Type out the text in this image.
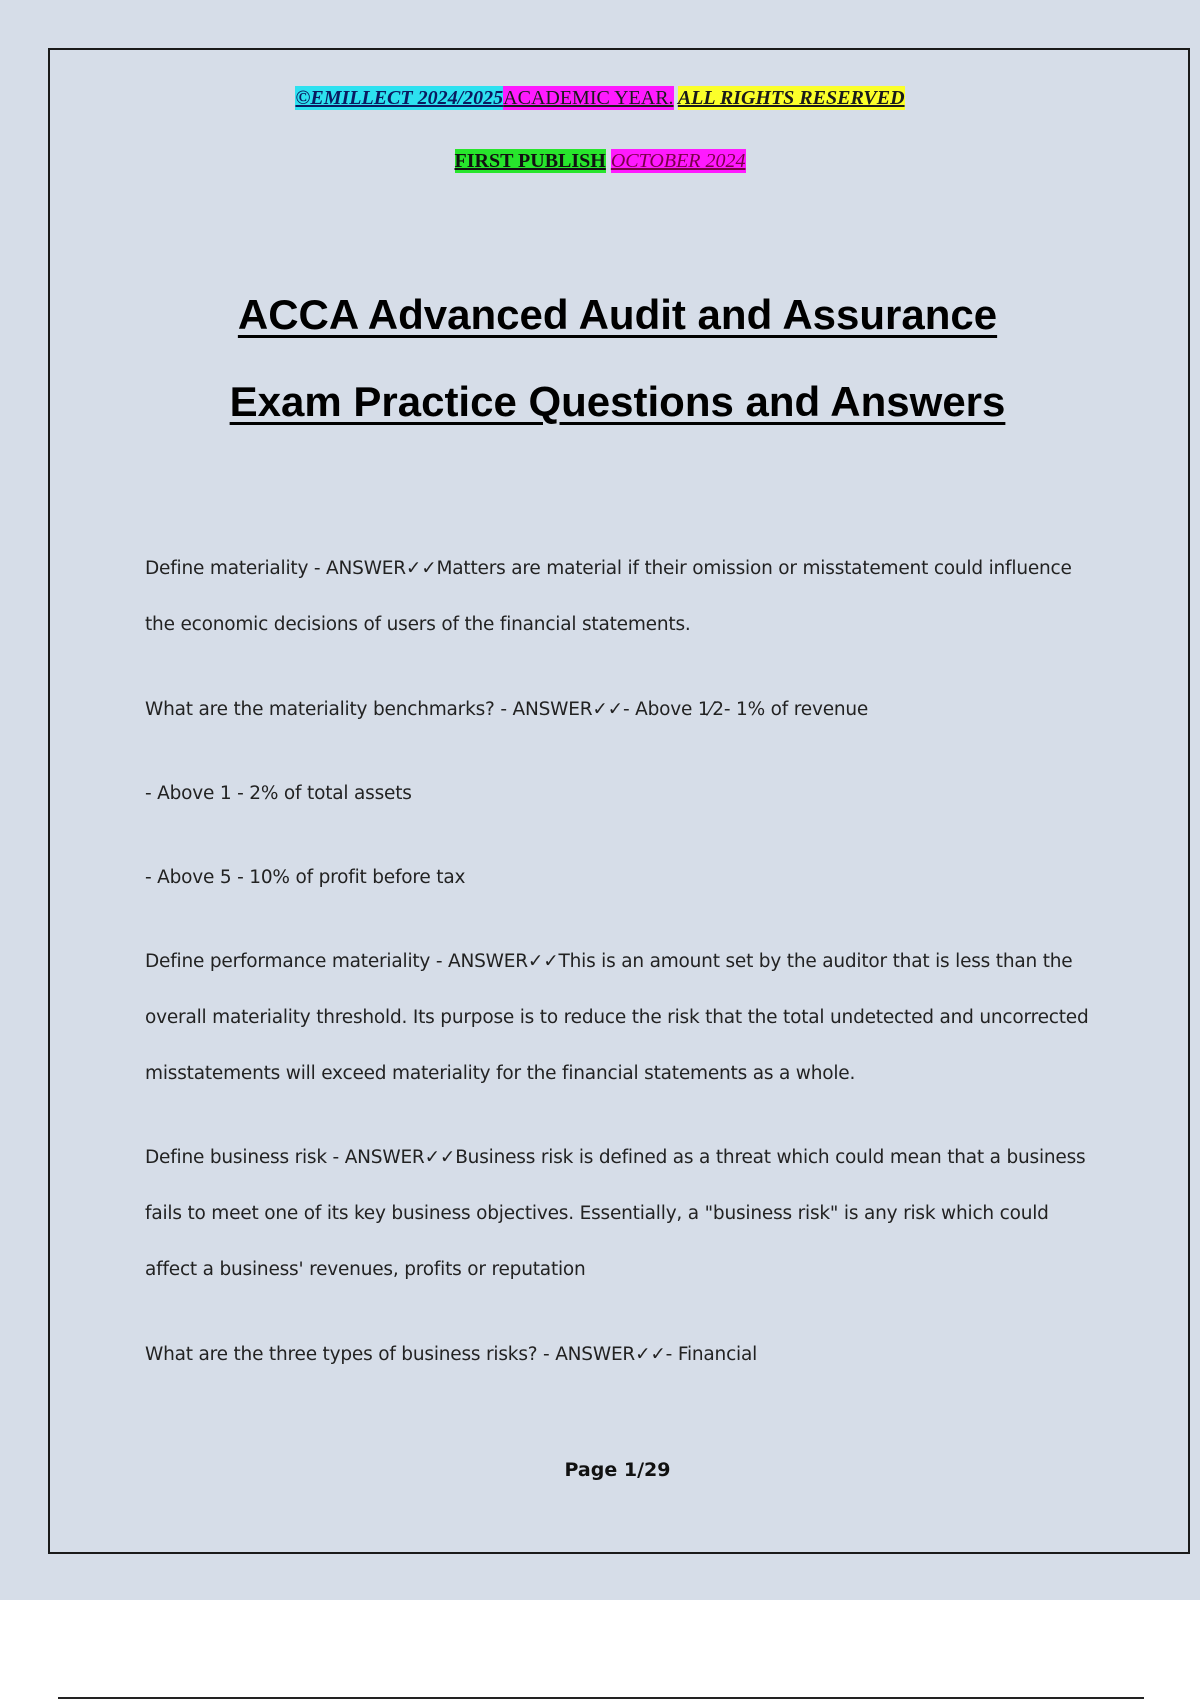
©EMILLECT 2024/2025ACADEMIC YEAR. ALL RIGHTS RESERVED
FIRST PUBLISH OCTOBER 2024
ACCA Advanced Audit and Assurance
Exam Practice Questions and Answers
Define materiality - ANSWER✓✓Matters are material if their omission or misstatement could influence the economic decisions of users of the financial statements.
What are the materiality benchmarks? - ANSWER✓✓- Above 1⁄2- 1% of revenue
- Above 1 - 2% of total assets
- Above 5 - 10% of profit before tax
Define performance materiality - ANSWER✓✓This is an amount set by the auditor that is less than the overall materiality threshold. Its purpose is to reduce the risk that the total undetected and uncorrected misstatements will exceed materiality for the financial statements as a whole.
Define business risk - ANSWER✓✓Business risk is defined as a threat which could mean that a business fails to meet one of its key business objectives. Essentially, a "business risk" is any risk which could affect a business' revenues, profits or reputation
What are the three types of business risks? - ANSWER✓✓- Financial
Page 1/29
